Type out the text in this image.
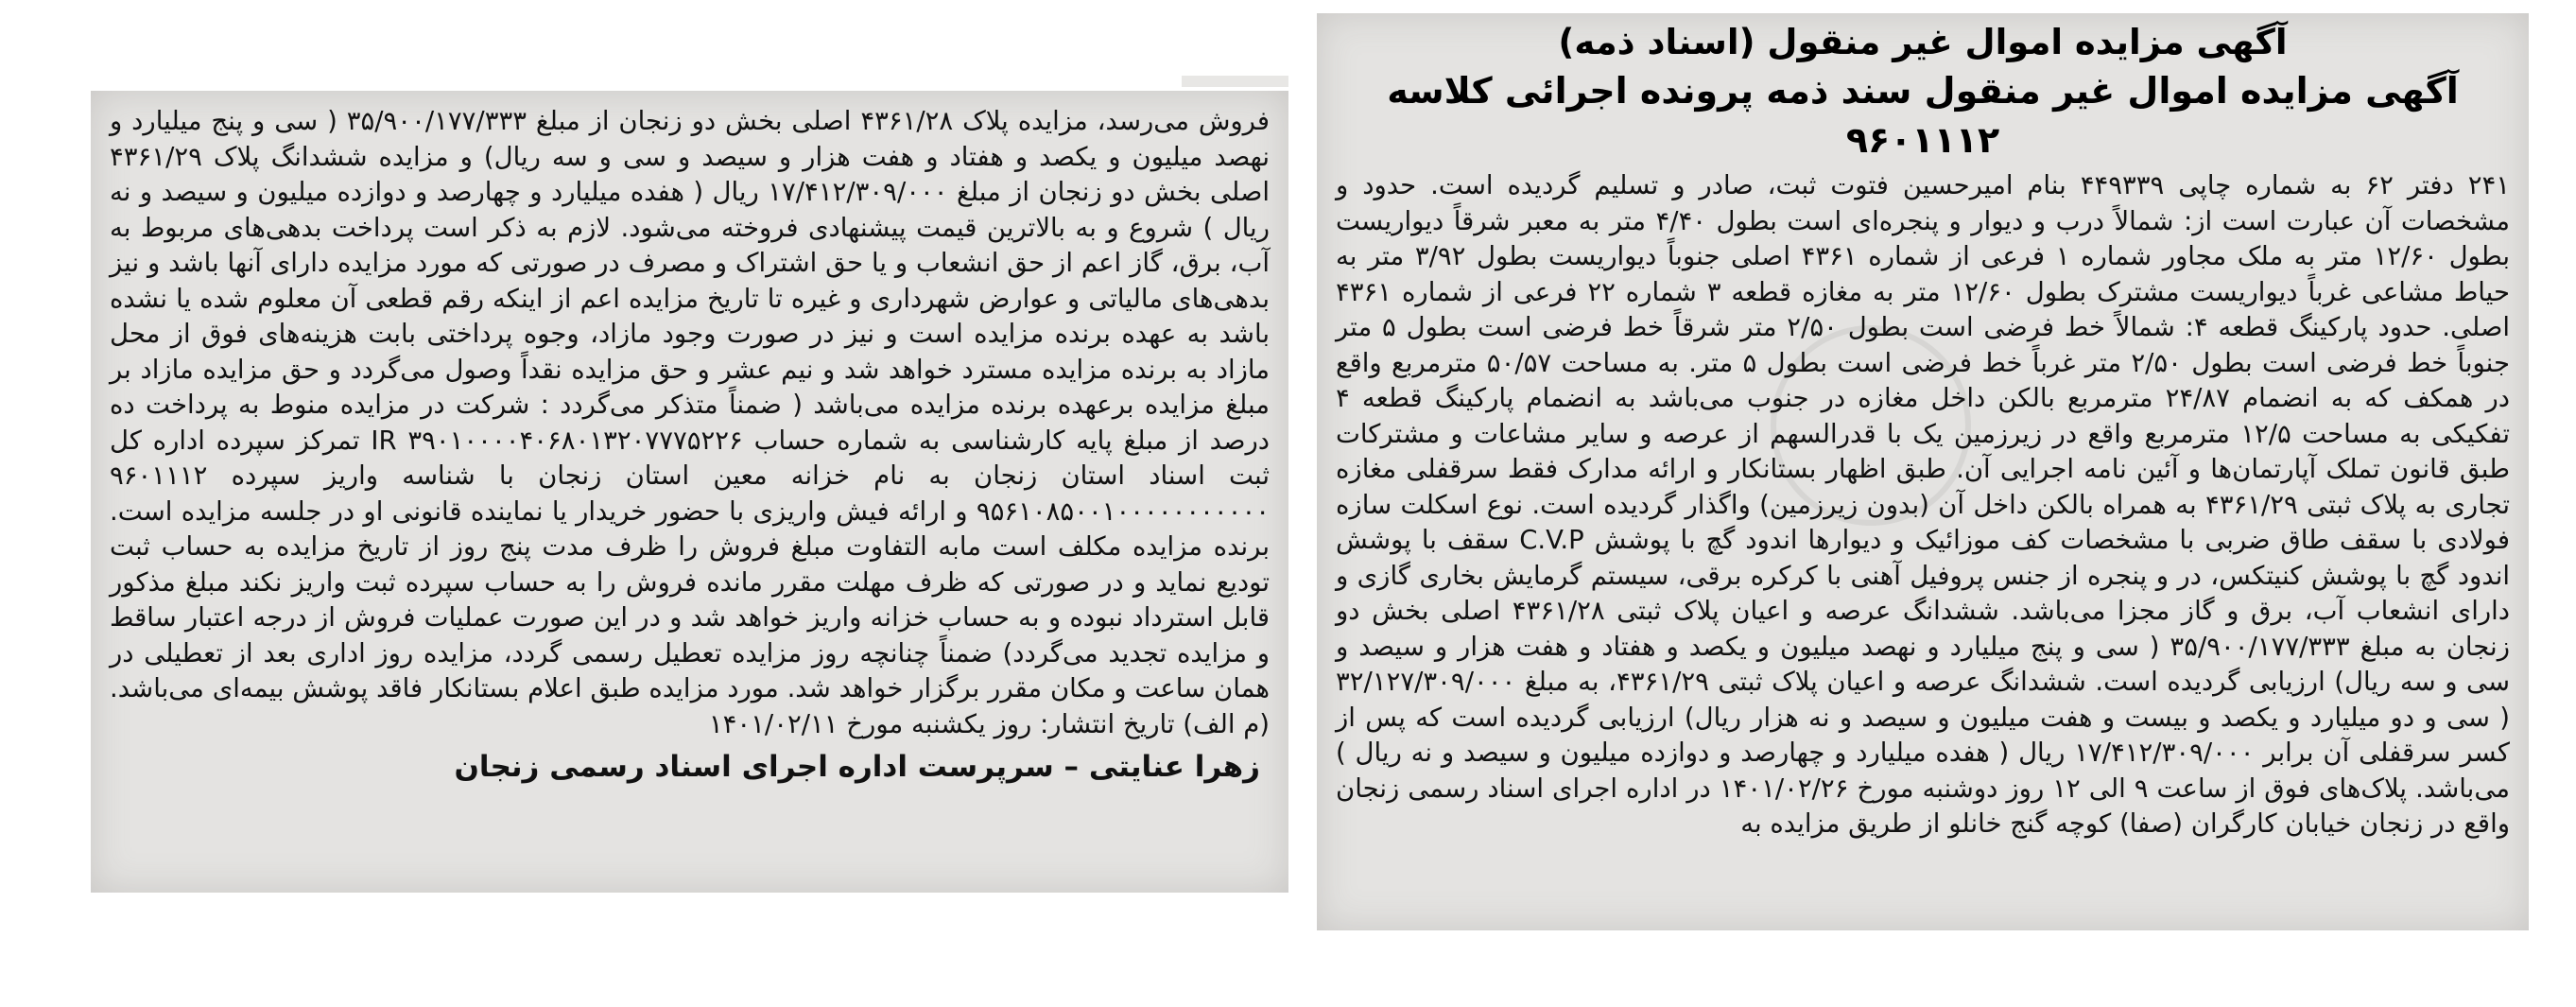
فروش می‌رسد، مزایده پلاک ۴۳۶۱/۲۸ اصلی بخش دو زنجان از مبلغ ۳۵/۹۰۰/۱۷۷/۳۳۳ ( سی و پنج میلیارد و نهصد میلیون و یکصد و هفتاد و هفت هزار و سیصد و سی و سه ریال) و مزایده ششدانگ پلاک ۴۳۶۱/۲۹ اصلی بخش دو زنجان از مبلغ ۱۷/۴۱۲/۳۰۹/۰۰۰ ریال ( هفده میلیارد و چهارصد و دوازده میلیون و سیصد و نه ریال ) شروع و به بالاترین قیمت پیشنهادی فروخته می‌شود. لازم به ذکر است پرداخت بدهی‌های مربوط به آب، برق، گاز اعم از حق انشعاب و یا حق اشتراک و مصرف در صورتی که مورد مزایده دارای آنها باشد و نیز بدهی‌های مالیاتی و عوارض شهرداری و غیره تا تاریخ مزایده اعم از اینکه رقم قطعی آن معلوم شده یا نشده باشد به عهده برنده مزایده است و نیز در صورت وجود مازاد، وجوه پرداختی بابت هزینه‌های فوق از محل مازاد به برنده مزایده مسترد خواهد شد و نیم عشر و حق مزایده نقداً وصول می‌گردد و حق مزایده مازاد بر مبلغ مزایده برعهده برنده مزایده می‌باشد ( ضمناً متذکر می‌گردد : شرکت در مزایده منوط به پرداخت ده درصد از مبلغ پایه کارشناسی به شماره حساب IR ۳۹۰۱۰۰۰۰۴۰۶۸۰۱۳۲۰۷۷۷۵۲۲۶ تمرکز سپرده اداره کل ثبت اسناد استان زنجان به نام خزانه معین استان زنجان با شناسه واریز سپرده ۹۶۰۱۱۱۲ ۹۵۶۱۰۸۵۰۰۱۰۰۰۰۰۰۰۰۰۰۰ و ارائه فیش واریزی با حضور خریدار یا نماینده قانونی او در جلسه مزایده است. برنده مزایده مکلف است مابه التفاوت مبلغ فروش را ظرف مدت پنج روز از تاریخ مزایده به حساب ثبت تودیع نماید و در صورتی که ظرف مهلت مقرر مانده فروش را به حساب سپرده ثبت واریز نکند مبلغ مذکور قابل استرداد نبوده و به حساب خزانه واریز خواهد شد و در این صورت عملیات فروش از درجه اعتبار ساقط و مزایده تجدید می‌گردد) ضمناً چنانچه روز مزایده تعطیل رسمی گردد، مزایده روز اداری بعد از تعطیلی در همان ساعت و مکان مقرر برگزار خواهد شد. مورد مزایده طبق اعلام بستانکار فاقد پوشش بیمه‌ای می‌باشد.(م الف) تاریخ انتشار: روز یکشنبه مورخ ۱۴۰۱/۰۲/۱۱

زهرا عنایتی – سرپرست اداره اجرای اسناد رسمی زنجان
آگهی مزایده اموال غیر منقول (اسناد ذمه)
آگهی مزایده اموال غیر منقول سند ذمه پرونده اجرائی کلاسه ۹۶۰۱۱۱۲

۲۴۱ دفتر ۶۲ به شماره چاپی ۴۴۹۳۳۹ بنام امیرحسین فتوت ثبت، صادر و تسلیم گردیده است. حدود و مشخصات آن عبارت است از: شمالاً درب و دیوار و پنجره‌ای است بطول ۴/۴۰ متر به معبر شرقاً دیواریست بطول ۱۲/۶۰ متر به ملک مجاور شماره ۱ فرعی از شماره ۴۳۶۱ اصلی جنوباً دیواریست بطول ۳/۹۲ متر به حیاط مشاعی غرباً دیواریست مشترک بطول ۱۲/۶۰ متر به مغازه قطعه ۳ شماره ۲۲ فرعی از شماره ۴۳۶۱ اصلی. حدود پارکینگ قطعه ۴: شمالاً خط فرضی است بطول ۲/۵۰ متر شرقاً خط فرضی است بطول ۵ متر جنوباً خط فرضی است بطول ۲/۵۰ متر غرباً خط فرضی است بطول ۵ متر. به مساحت ۵۰/۵۷ مترمربع واقع در همکف که به انضمام ۲۴/۸۷ مترمربع بالکن داخل مغازه در جنوب می‌باشد به انضمام پارکینگ قطعه ۴ تفکیکی به مساحت ۱۲/۵ مترمربع واقع در زیرزمین یک با قدرالسهم از عرصه و سایر مشاعات و مشترکات طبق قانون تملک آپارتمان‌ها و آئین نامه اجرایی آن. طبق اظهار بستانکار و ارائه مدارک فقط سرقفلی مغازه تجاری به پلاک ثبتی ۴۳۶۱/۲۹ به همراه بالکن داخل آن (بدون زیرزمین) واگذار گردیده است. نوع اسکلت سازه فولادی با سقف طاق ضربی با مشخصات کف موزائیک و دیوارها اندود گچ با پوشش C.V.P سقف با پوشش اندود گچ با پوشش کنیتکس، در و پنجره از جنس پروفیل آهنی با کرکره برقی، سیستم گرمایش بخاری گازی و دارای انشعاب آب، برق و گاز مجزا می‌باشد. ششدانگ عرصه و اعیان پلاک ثبتی ۴۳۶۱/۲۸ اصلی بخش دو زنجان به مبلغ ۳۵/۹۰۰/۱۷۷/۳۳۳ ( سی و پنج میلیارد و نهصد میلیون و یکصد و هفتاد و هفت هزار و سیصد و سی و سه ریال) ارزیابی گردیده است. ششدانگ عرصه و اعیان پلاک ثبتی ۴۳۶۱/۲۹، به مبلغ ۳۲/۱۲۷/۳۰۹/۰۰۰ ( سی و دو میلیارد و یکصد و بیست و هفت میلیون و سیصد و نه هزار ریال) ارزیابی گردیده است که پس از کسر سرقفلی آن برابر ۱۷/۴۱۲/۳۰۹/۰۰۰ ریال ( هفده میلیارد و چهارصد و دوازده میلیون و سیصد و نه ریال ) می‌باشد. پلاک‌های فوق از ساعت ۹ الی ۱۲ روز دوشنبه مورخ ۱۴۰۱/۰۲/۲۶ در اداره اجرای اسناد رسمی زنجان واقع در زنجان خیابان کارگران (صفا) کوچه گنج خانلو از طریق مزایده به
